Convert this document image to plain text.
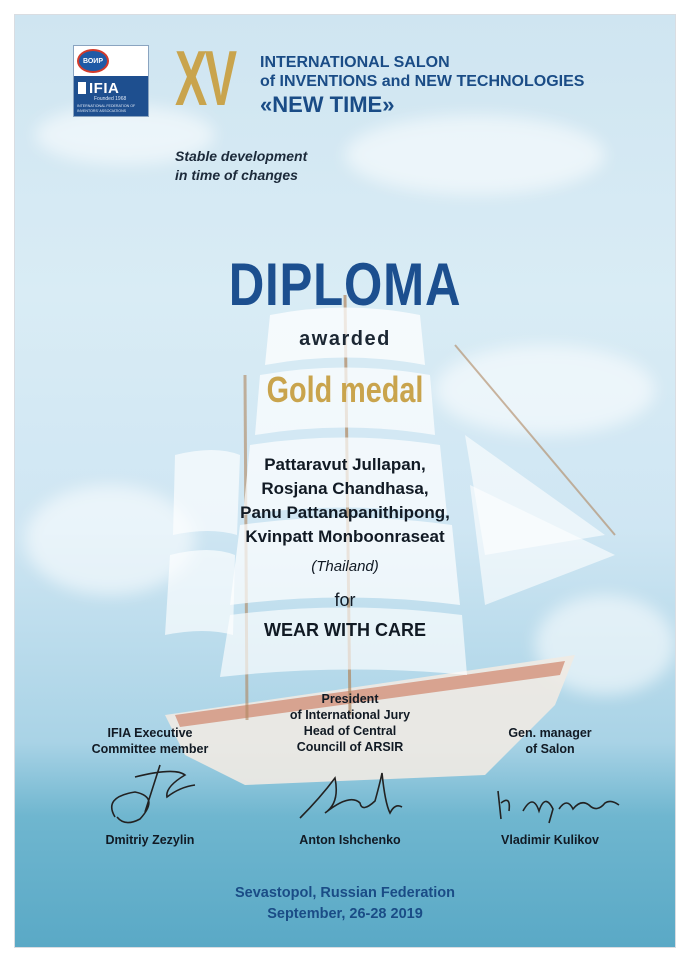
ВОИР
IFIA
Founded 1968
INTERNATIONAL FEDERATION OF INVENTORS' ASSOCIATIONS XV INTERNATIONAL SALON
of INVENTIONS and NEW TECHNOLOGIES
«NEW TIME»
Stable development
in time of changes
DIPLOMA
awarded
Gold medal
Pattaravut Jullapan,
Rosjana Chandhasa,
Panu Pattanapanithipong,
Kvinpatt Monboonraseat
(Thailand)
for
WEAR WITH CARE
IFIA Executive
Committee member
President
of International Jury
Head of Central
Councill of ARSIR
Gen. manager
of Salon
Dmitriy Zezylin	Anton Ishchenko	Vladimir Kulikov
Sevastopol, Russian Federation
September, 26-28 2019
